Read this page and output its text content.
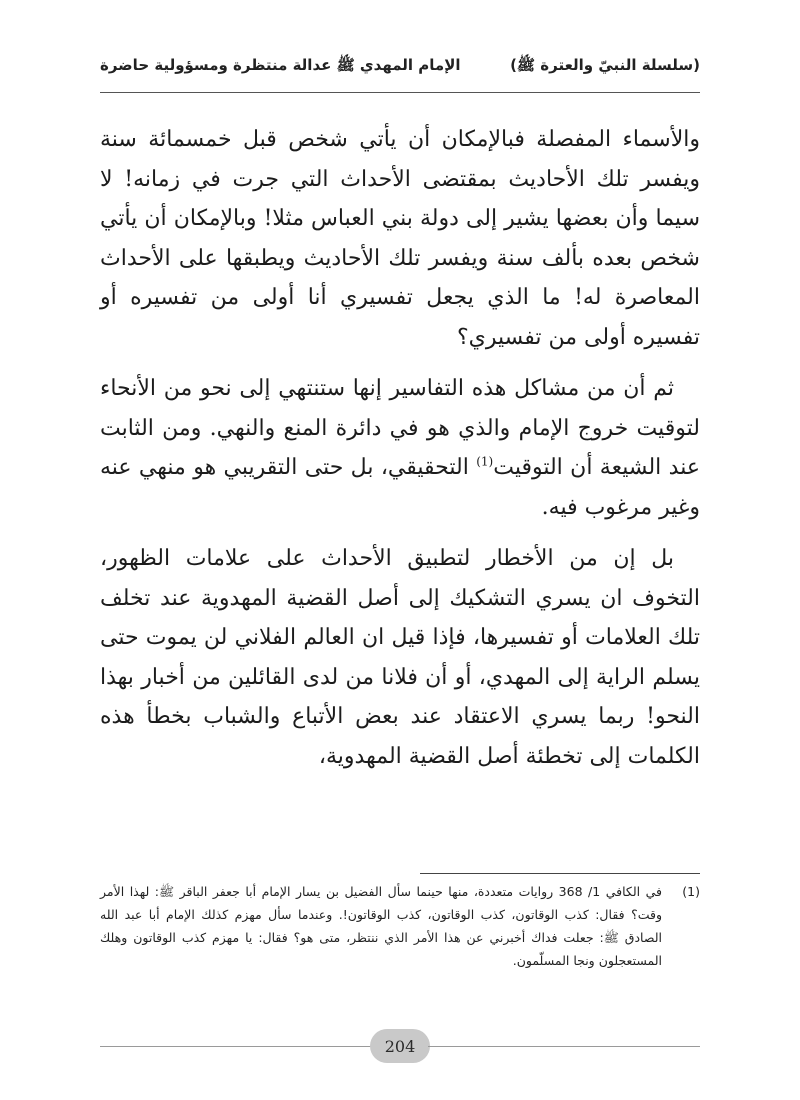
(سلسلة النبيّ والعترة ﷺ)
الإمام المهدي ﷺ عدالة منتظرة ومسؤولية حاضرة

والأسماء المفصلة فبالإمكان أن يأتي شخص قبل خمسمائة سنة ويفسر تلك الأحاديث بمقتضى الأحداث التي جرت في زمانه! لا سيما وأن بعضها يشير إلى دولة بني العباس مثلا! وبالإمكان أن يأتي شخص بعده بألف سنة ويفسر تلك الأحاديث ويطبقها على الأحداث المعاصرة له! ما الذي يجعل تفسيري أنا أولى من تفسيره أو تفسيره أولى من تفسيري؟

ثم أن من مشاكل هذه التفاسير إنها ستنتهي إلى نحو من الأنحاء لتوقيت خروج الإمام والذي هو في دائرة المنع والنهي. ومن الثابت عند الشيعة أن التوقيت$^{(1)}$ التحقيقي، بل حتى التقريبي هو منهي عنه وغير مرغوب فيه.

بل إن من الأخطار لتطبيق الأحداث على علامات الظهور، التخوف ان يسري التشكيك إلى أصل القضية المهدوية عند تخلف تلك العلامات أو تفسيرها، فإذا قيل ان العالم الفلاني لن يموت حتى يسلم الراية إلى المهدي، أو أن فلانا من لدى القائلين من أخبار بهذا النحو! ربما يسري الاعتقاد عند بعض الأتباع والشباب بخطأ هذه الكلمات إلى تخطئة أصل القضية المهدوية،

(1)
في الكافي 1/ 368 روايات متعددة، منها حينما سأل الفضيل بن يسار الإمام أبا جعفر الباقر ﷺ: لهذا الأمر وقت؟ فقال: كذب الوقاتون، كذب الوقاتون، كذب الوقاتون!. وعندما سأل مهزم كذلك الإمام أبا عبد الله الصادق ﷺ: جعلت فداك أخبرني عن هذا الأمر الذي ننتظر، متى هو؟ فقال: يا مهزم كذب الوقاتون وهلك المستعجلون ونجا المسلّمون.
204
